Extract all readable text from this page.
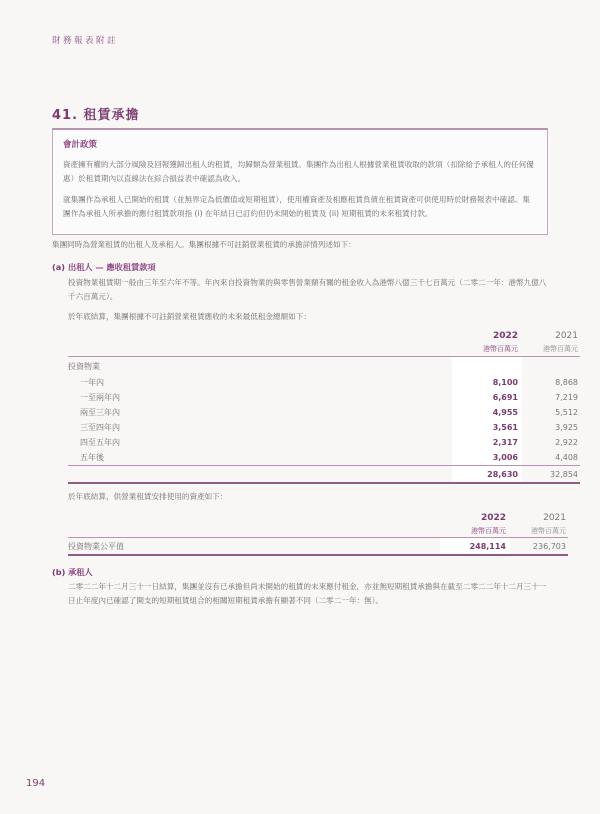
財務報表附註
41. 租賃承擔
會計政策

資產擁有權的大部分風險及回報獲歸出租人的租賃，均歸類為營業租賃。集團作為出租人根據營業租賃收取的款項（扣除給予承租人的任何優惠）於租賃期內以直線法在綜合損益表中確認為收入。

就集團作為承租人已開始的租賃（並無界定為低價值或短期租賃），使用權資產及相應租賃負債在租賃資產可供使用時於財務報表中確認。集團作為承租人所承擔的應付租賃款項指 (i) 在年結日已訂約但仍未開始的租賃及 (ii) 短期租賃的未來租賃付款。

集團同時為營業租賃的出租人及承租人。集團根據不可註銷營業租賃的承擔詳情列述如下：
(a) 出租人 — 應收租賃款項
投資物業租賃期一般由三年至六年不等。年內來自投資物業的與零售營業額有關的租金收入為港幣八億三千七百萬元（二零二一年：港幣九億八千六百萬元）。
於年底結算，集團根據不可註銷營業租賃應收的未來最低租金總額如下：
	2022	2021
	港幣百萬元	港幣百萬元
投資物業		
一年內	8,100	8,868
一至兩年內	6,691	7,219
兩至三年內	4,955	5,512
三至四年內	3,561	3,925
四至五年內	2,317	2,922
五年後	3,006	4,408
	28,630	32,854
於年底結算，供營業租賃安排使用的資產如下：
	2022	2021
	港幣百萬元	港幣百萬元
投資物業公平值	248,114	236,703
(b) 承租人
二零二二年十二月三十一日結算，集團並沒有已承擔但尚未開始的租賃的未來應付租金，亦並無短期租賃承擔與在截至二零二二年十二月三十一日止年度內已確認了開支的短期租賃組合的相關短期租賃承擔有顯著不同（二零二一年：無）。
194
